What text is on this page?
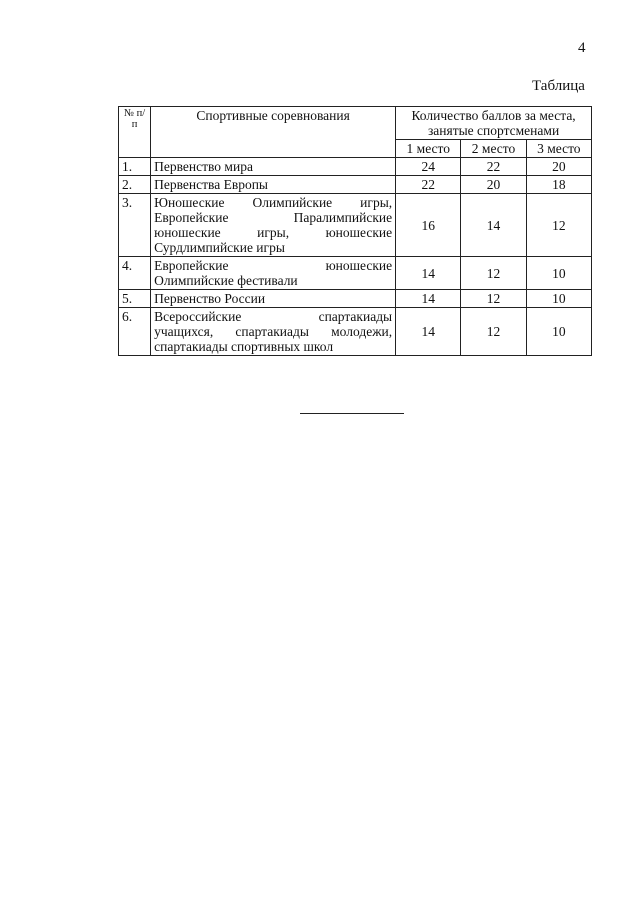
4
Таблица
№ п/п	Спортивные соревнования	Количество баллов за места, занятые спортсменами		
		1 место	2 место	3 место
1.	Первенство мира	24	22	20
2.	Первенства Европы	22	20	18
3.	Юношеские Олимпийские игры,
Европейские Паралимпийские
юношеские игры, юношеские
Сурдлимпийские игры	16	14	12
4.	Европейские юношеские
Олимпийские фестивали	14	12	10
5.	Первенство России	14	12	10
6.	Всероссийские спартакиады
учащихся, спартакиады молодежи,
спартакиады спортивных школ	14	12	10
